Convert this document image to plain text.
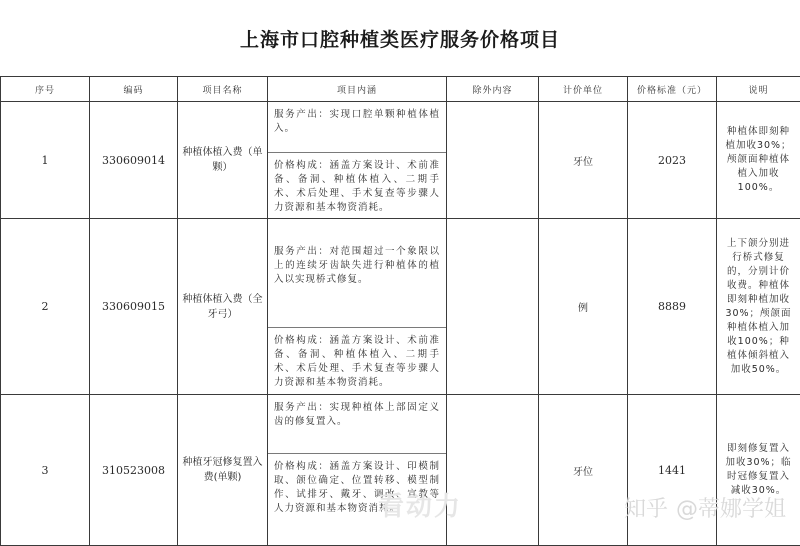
上海市口腔种植类医疗服务价格项目
序号	编码	项目名称	项目内涵	除外内容	计价单位	价格标准（元）	说明
1	330609014	种植体植入费（单颗）	服务产出：实现口腔单颗种植体植入。
价格构成：涵盖方案设计、术前准备、备洞、种植体植入、二期手术、术后处理、手术复查等步骤人力资源和基本物资消耗。		牙位	2023	种植体即刻种植加收30%；颅颌面种植体植入加收100%。
2	330609015	种植体植入费（全牙弓）	服务产出：对范围超过一个象限以上的连续牙齿缺失进行种植体的植入以实现桥式修复。
价格构成：涵盖方案设计、术前准备、备洞、种植体植入、二期手术、术后处理、手术复查等步骤人力资源和基本物资消耗。		例	8889	上下颌分别进行桥式修复的，分别计价收费。种植体即刻种植加收30%；颅颌面种植体植入加收100%；种植体倾斜植入加收50%。
3	310523008	种植牙冠修复置入费(单颗)	服务产出：实现种植体上部固定义齿的修复置入。
价格构成：涵盖方案设计、印模制取、颌位确定、位置转移、模型制作、试排牙、戴牙、调改、宣教等人力资源和基本物资消耗。		牙位	1441	即刻修复置入加收30%；临时冠修复置入减收30%。
看动力	知乎 @蒂娜学姐
